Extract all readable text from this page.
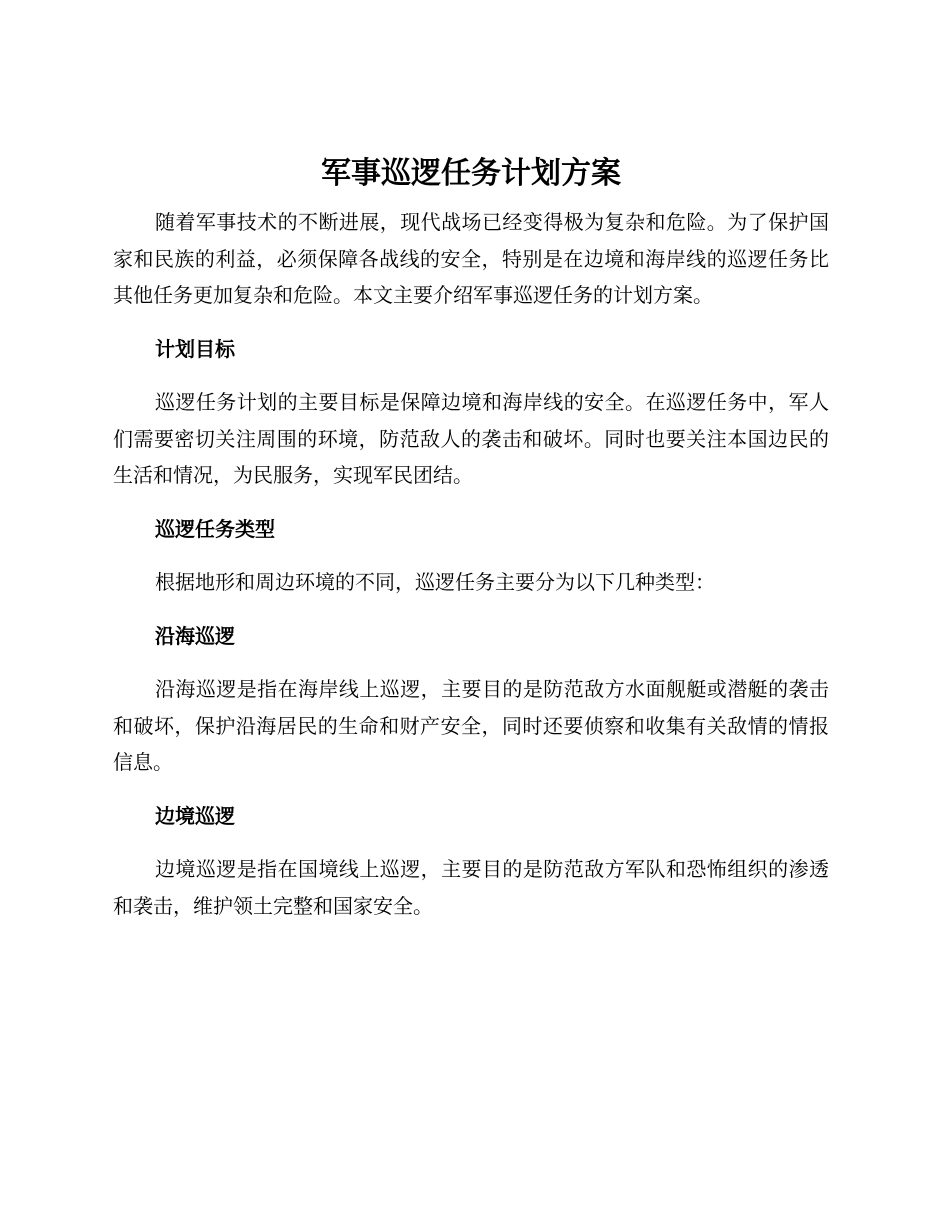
军事巡逻任务计划方案

随着军事技术的不断进展，现代战场已经变得极为复杂和危险。为了保护国家和民族的利益，必须保障各战线的安全，特别是在边境和海岸线的巡逻任务比其他任务更加复杂和危险。本文主要介绍军事巡逻任务的计划方案。

计划目标

巡逻任务计划的主要目标是保障边境和海岸线的安全。在巡逻任务中，军人们需要密切关注周围的环境，防范敌人的袭击和破坏。同时也要关注本国边民的生活和情况，为民服务，实现军民团结。

巡逻任务类型

根据地形和周边环境的不同，巡逻任务主要分为以下几种类型：

沿海巡逻

沿海巡逻是指在海岸线上巡逻，主要目的是防范敌方水面舰艇或潜艇的袭击和破坏，保护沿海居民的生命和财产安全，同时还要侦察和收集有关敌情的情报信息。

边境巡逻

边境巡逻是指在国境线上巡逻，主要目的是防范敌方军队和恐怖组织的渗透和袭击，维护领土完整和国家安全。
